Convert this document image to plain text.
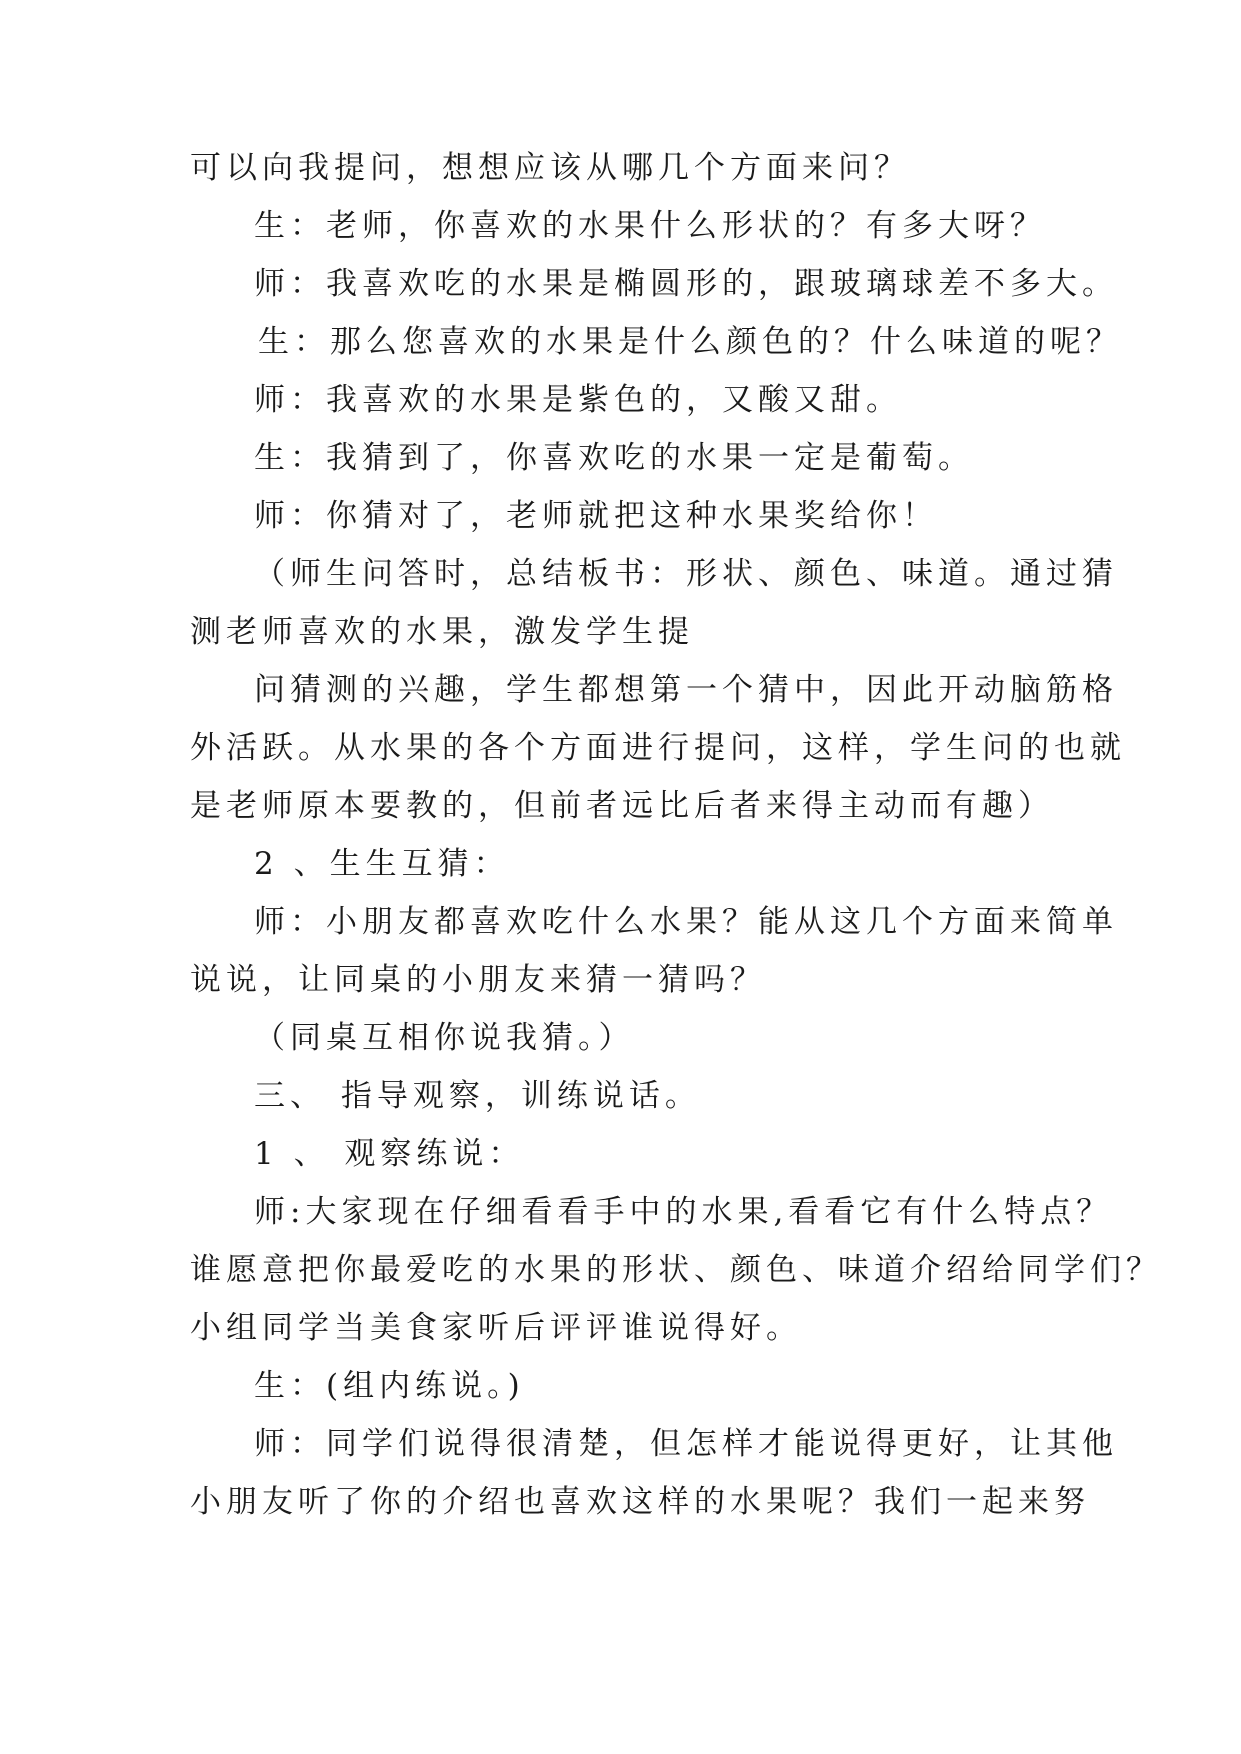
可以向我提问，想想应该从哪几个方面来问？

生：老师，你喜欢的水果什么形状的？有多大呀？

师：我喜欢吃的水果是椭圆形的，跟玻璃球差不多大。

生：那么您喜欢的水果是什么颜色的？什么味道的呢？

师：我喜欢的水果是紫色的，又酸又甜。

生：我猜到了，你喜欢吃的水果一定是葡萄。

师：你猜对了，老师就把这种水果奖给你！

（师生问答时，总结板书：形状、颜色、味道。通过猜

测老师喜欢的水果，激发学生提

问猜测的兴趣，学生都想第一个猜中，因此开动脑筋格

外活跃。从水果的各个方面进行提问，这样，学生问的也就

是老师原本要教的，但前者远比后者来得主动而有趣）

2 、生生互猜：

师：小朋友都喜欢吃什么水果？能从这几个方面来简单

说说，让同桌的小朋友来猜一猜吗？

（同桌互相你说我猜。）

三、 指导观察，训练说话。

1 、 观察练说：

师:大家现在仔细看看手中的水果,看看它有什么特点？

谁愿意把你最爱吃的水果的形状、颜色、味道介绍给同学们？

小组同学当美食家听后评评谁说得好。

生：(组内练说。)

师：同学们说得很清楚，但怎样才能说得更好，让其他

小朋友听了你的介绍也喜欢这样的水果呢？我们一起来努
